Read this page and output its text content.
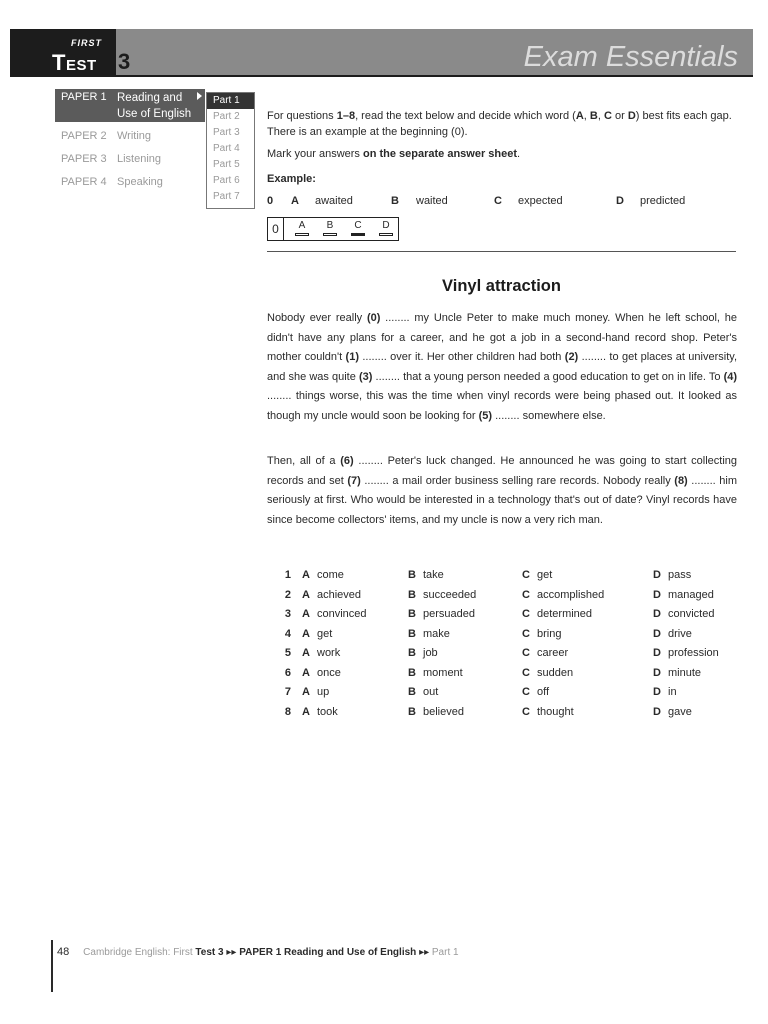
FIRST
Test 3	Exam Essentials
PAPER 1 Reading and
Use of English
PAPER 2 Writing
PAPER 3 Listening
PAPER 4 Speaking
Part 1
Part 2
Part 3
Part 4
Part 5
Part 6
Part 7
For questions 1–8, read the text below and decide which word (A, B, C or D) best fits each gap. There is an example at the beginning (0).
Mark your answers on the separate answer sheet.
Example:
0 A awaited	B waited	C expected	D predicted
0	A	B	C	D
Vinyl attraction
Nobody ever really (0) ........ my Uncle Peter to make much money. When he left school, he didn't have any plans for a career, and he got a job in a second-hand record shop. Peter's mother couldn't (1) ........ over it. Her other children had both (2) ........ to get places at university, and she was quite (3) ........ that a young person needed a good education to get on in life. To (4) ........ things worse, this was the time when vinyl records were being phased out. It looked as though my uncle would soon be looking for (5) ........ somewhere else.
Then, all of a (6) ........ Peter's luck changed. He announced he was going to start collecting records and set (7) ........ a mail order business selling rare records. Nobody really (8) ........ him seriously at first. Who would be interested in a technology that's out of date? Vinyl records have since become collectors' items, and my uncle is now a very rich man.
1 A come	B take	C get	D pass
2 A achieved	B succeeded	C accomplished	D managed
3 A convinced	B persuaded	C determined	D convicted
4 A get	B make	C bring	D drive
5 A work	B job	C career	D profession
6 A once	B moment	C sudden	D minute
7 A up	B out	C off	D in
8 A took	B believed	C thought	D gave
48 Cambridge English: First Test 3 ▸▸ PAPER 1 Reading and Use of English ▸▸ Part 1
